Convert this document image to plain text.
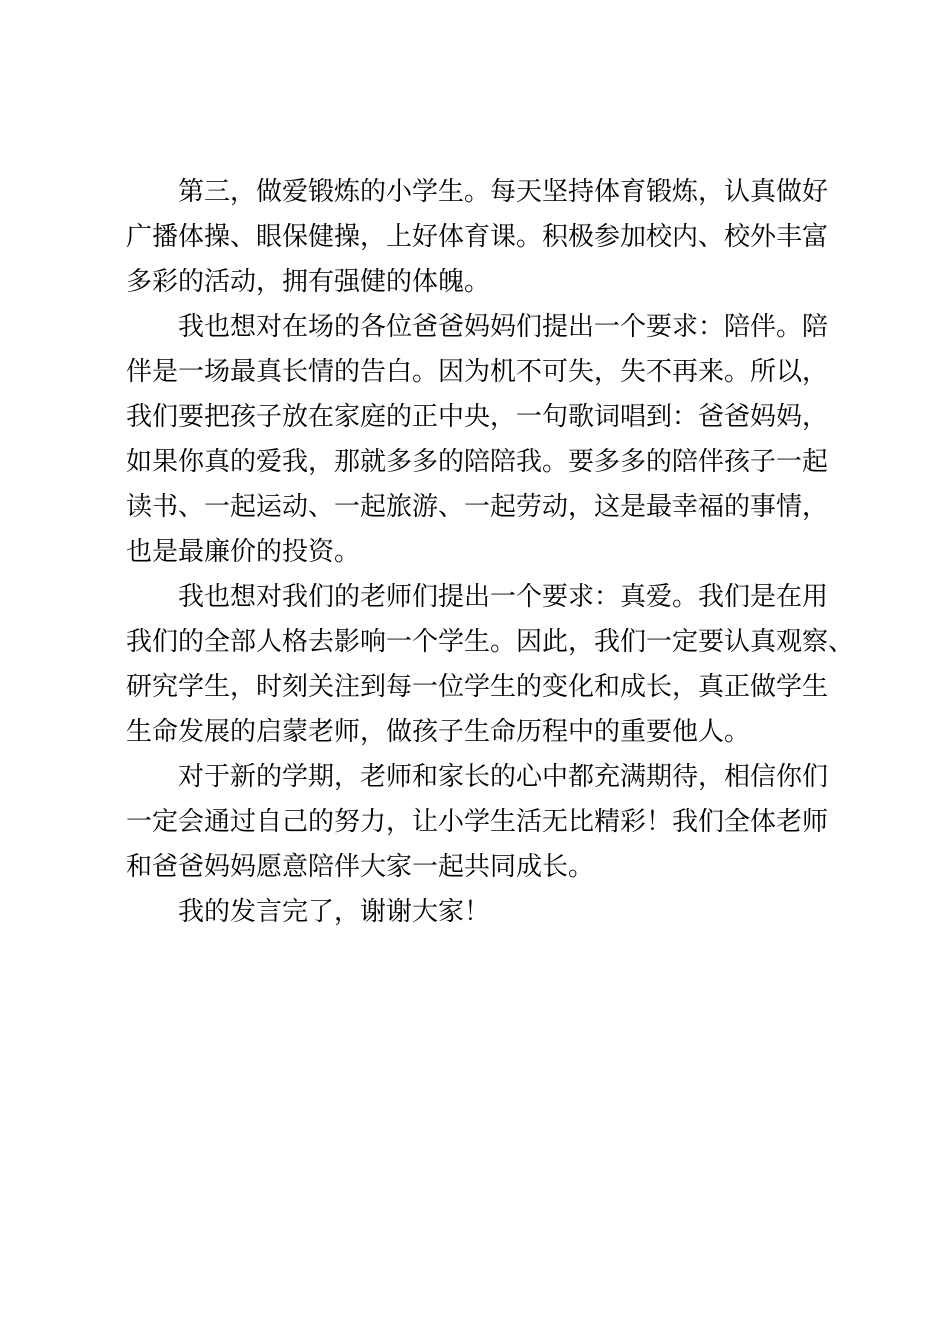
第三，做爱锻炼的小学生。每天坚持体育锻炼，认真做好
广播体操、眼保健操，上好体育课。积极参加校内、校外丰富
多彩的活动，拥有强健的体魄。
我也想对在场的各位爸爸妈妈们提出一个要求：陪伴。陪
伴是一场最真长情的告白。因为机不可失，失不再来。所以，
我们要把孩子放在家庭的正中央，一句歌词唱到：爸爸妈妈，
如果你真的爱我，那就多多的陪陪我。要多多的陪伴孩子一起
读书、一起运动、一起旅游、一起劳动，这是最幸福的事情，
也是最廉价的投资。
我也想对我们的老师们提出一个要求：真爱。我们是在用
我们的全部人格去影响一个学生。因此，我们一定要认真观察、
研究学生，时刻关注到每一位学生的变化和成长，真正做学生
生命发展的启蒙老师，做孩子生命历程中的重要他人。
对于新的学期，老师和家长的心中都充满期待，相信你们
一定会通过自己的努力，让小学生活无比精彩！我们全体老师
和爸爸妈妈愿意陪伴大家一起共同成长。
我的发言完了，谢谢大家！
